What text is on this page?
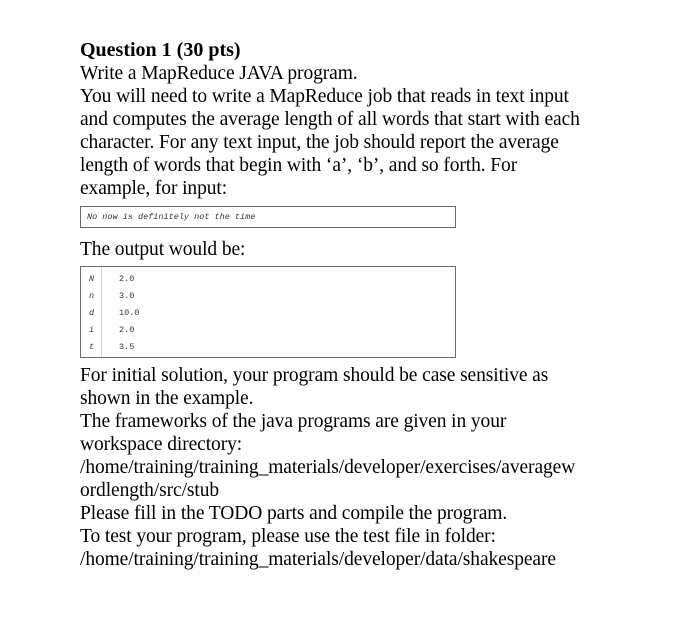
Question 1 (30 pts)

Write a MapReduce JAVA program.

You will need to write a MapReduce job that reads in text input

and computes the average length of all words that start with each

character. For any text input, the job should report the average

length of words that begin with ‘a’, ‘b’, and so forth. For

example, for input:

No now is definitely not the time

The output would be:

N	2.0
n	3.0
d	10.0
i	2.0
t	3.5

For initial solution, your program should be case sensitive as

shown in the example.

The frameworks of the java programs are given in your

workspace directory:

/home/training/training_materials/developer/exercises/averagew

ordlength/src/stub

Please fill in the TODO parts and compile the program.

To test your program, please use the test file in folder:

/home/training/training_materials/developer/data/shakespeare
